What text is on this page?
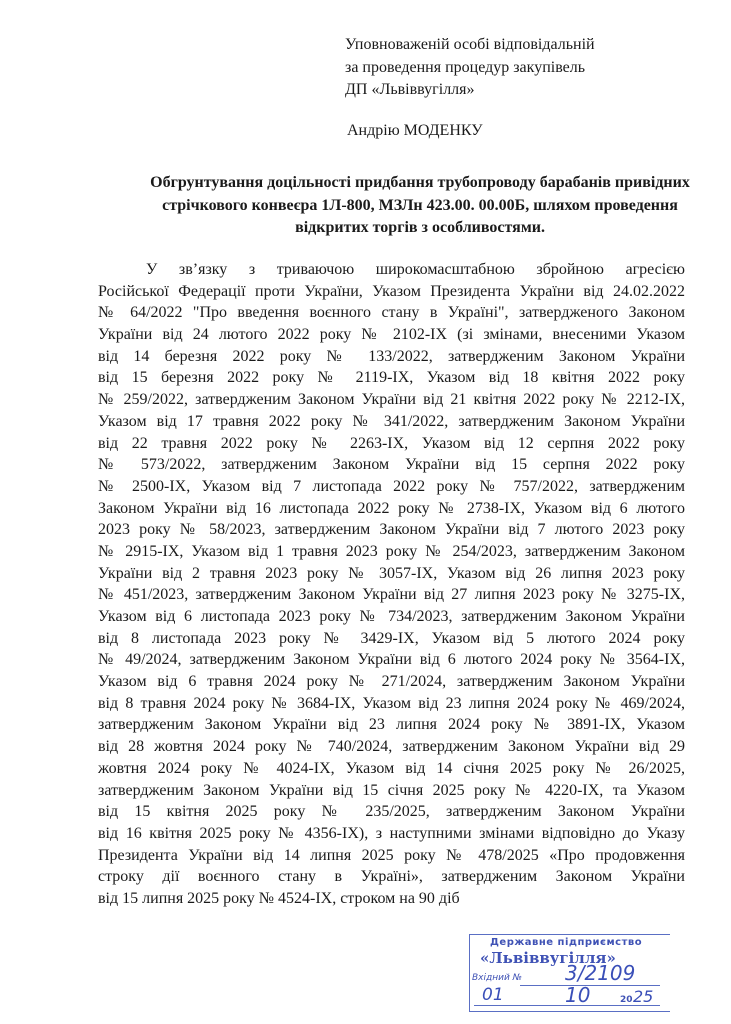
Уповноваженій особі відповідальній
за проведення процедур закупівель
ДП «Львіввугілля»
Андрію МОДЕНКУ
Обгрунтування доцільності придбання трубопроводу барабанів привідних
стрічкового конвеєра 1Л-800, МЗЛн 423.00. 00.00Б, шляхом проведення
відкритих торгів з особливостями.
У зв’язку з триваючою широкомасштабною збройною агресією
Російської Федерації проти України, Указом Президента України від 24.02.2022
№ 64/2022 "Про введення воєнного стану в Україні", затвердженого Законом
України від 24 лютого 2022 року № 2102-IX (зі змінами, внесеними Указом
від 14 березня 2022 року № 133/2022, затвердженим Законом України
від 15 березня 2022 року № 2119-IX, Указом від 18 квітня 2022 року
№ 259/2022, затвердженим Законом України від 21 квітня 2022 року № 2212-IX,
Указом від 17 травня 2022 року № 341/2022, затвердженим Законом України
від 22 травня 2022 року № 2263-IX, Указом від 12 серпня 2022 року
№ 573/2022, затвердженим Законом України від 15 серпня 2022 року
№ 2500-IX, Указом від 7 листопада 2022 року № 757/2022, затвердженим
Законом України від 16 листопада 2022 року № 2738-IX, Указом від 6 лютого
2023 року № 58/2023, затвердженим Законом України від 7 лютого 2023 року
№ 2915-IX, Указом від 1 травня 2023 року № 254/2023, затвердженим Законом
України від 2 травня 2023 року № 3057-IX, Указом від 26 липня 2023 року
№ 451/2023, затвердженим Законом України від 27 липня 2023 року № 3275-IX,
Указом від 6 листопада 2023 року № 734/2023, затвердженим Законом України
від 8 листопада 2023 року № 3429-IX, Указом від 5 лютого 2024 року
№ 49/2024, затвердженим Законом України від 6 лютого 2024 року № 3564-IX,
Указом від 6 травня 2024 року № 271/2024, затвердженим Законом України
від 8 травня 2024 року № 3684-IX, Указом від 23 липня 2024 року № 469/2024,
затвердженим Законом України від 23 липня 2024 року № 3891-IX, Указом
від 28 жовтня 2024 року № 740/2024, затвердженим Законом України від 29
жовтня 2024 року № 4024-IX, Указом від 14 січня 2025 року № 26/2025,
затвердженим Законом України від 15 січня 2025 року № 4220-IX, та Указом
від 15 квітня 2025 року № 235/2025, затвердженим Законом України
від 16 квітня 2025 року № 4356-IX), з наступними змінами відповідно до Указу
Президента України від 14 липня 2025 року № 478/2025 «Про продовження
строку дії воєнного стану в Україні», затвердженим Законом України
від 15 липня 2025 року № 4524-IX, строком на 90 діб
Державне підприємство
«Львіввугілля»
Вхідний № 3/2109
01	10	20 25
